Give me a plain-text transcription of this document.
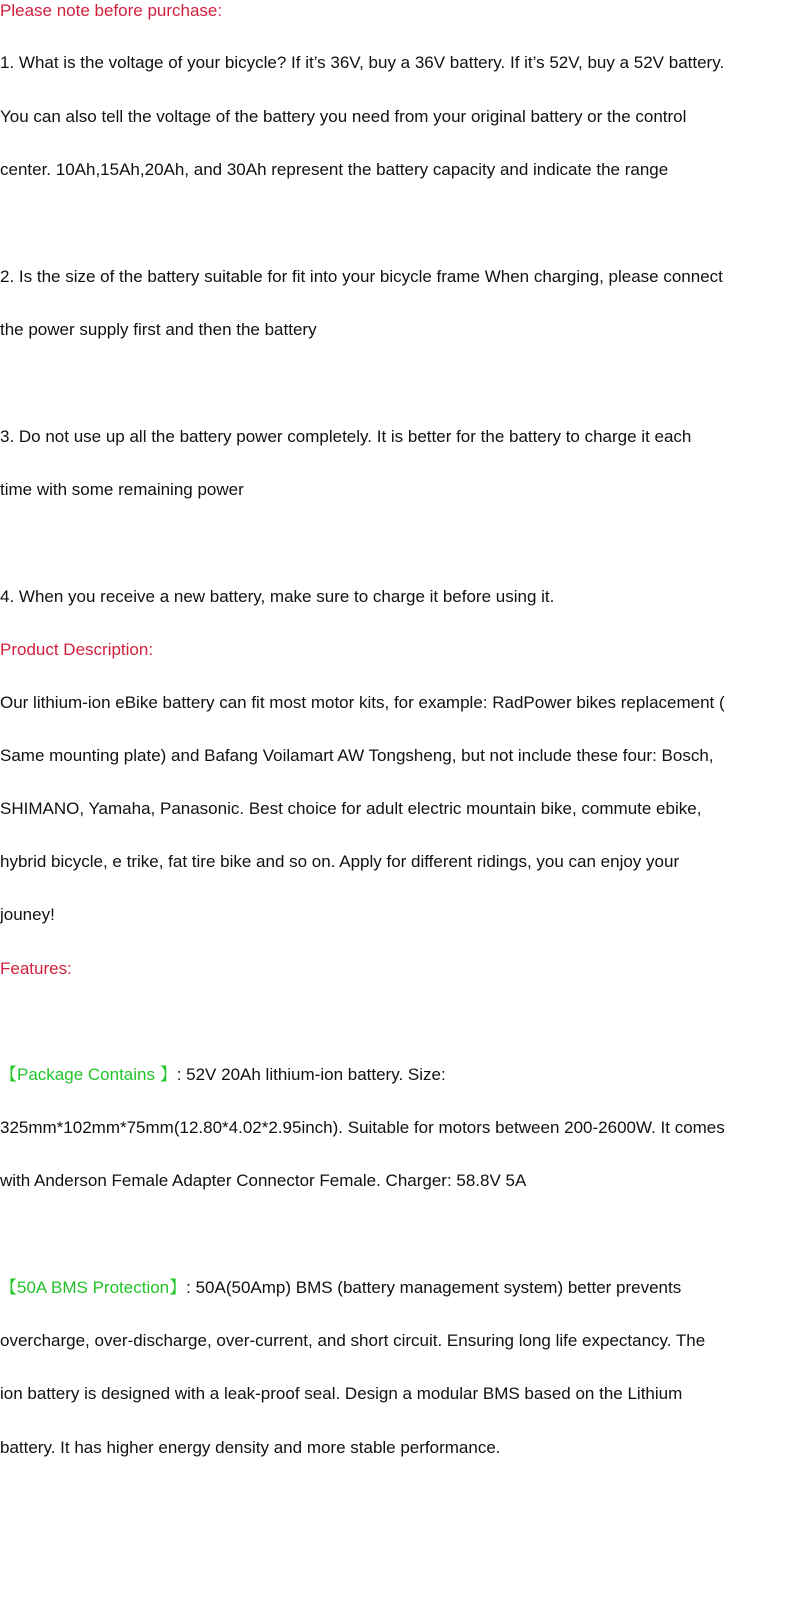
Please note before purchase:
1. What is the voltage of your bicycle? If it’s 36V, buy a 36V battery. If it’s 52V, buy a 52V battery.
You can also tell the voltage of the battery you need from your original battery or the control
center. 10Ah,15Ah,20Ah, and 30Ah represent the battery capacity and indicate the range
2. Is the size of the battery suitable for fit into your bicycle frame When charging, please connect
the power supply first and then the battery
3. Do not use up all the battery power completely. It is better for the battery to charge it each
time with some remaining power
4. When you receive a new battery, make sure to charge it before using it.
Product Description:
Our lithium-ion eBike battery can fit most motor kits, for example: RadPower bikes replacement (
Same mounting plate) and Bafang Voilamart AW Tongsheng, but not include these four: Bosch,
SHIMANO, Yamaha, Panasonic. Best choice for adult electric mountain bike, commute ebike,
hybrid bicycle, e trike, fat tire bike and so on. Apply for different ridings, you can enjoy your
jouney!
Features:
【Package Contains 】: 52V 20Ah lithium-ion battery. Size:
325mm*102mm*75mm(12.80*4.02*2.95inch). Suitable for motors between 200-2600W. It comes
with Anderson Female Adapter Connector Female. Charger: 58.8V 5A
【50A BMS Protection】: 50A(50Amp) BMS (battery management system) better prevents
overcharge, over-discharge, over-current, and short circuit. Ensuring long life expectancy. The
ion battery is designed with a leak-proof seal. Design a modular BMS based on the Lithium
battery. It has higher energy density and more stable performance.
